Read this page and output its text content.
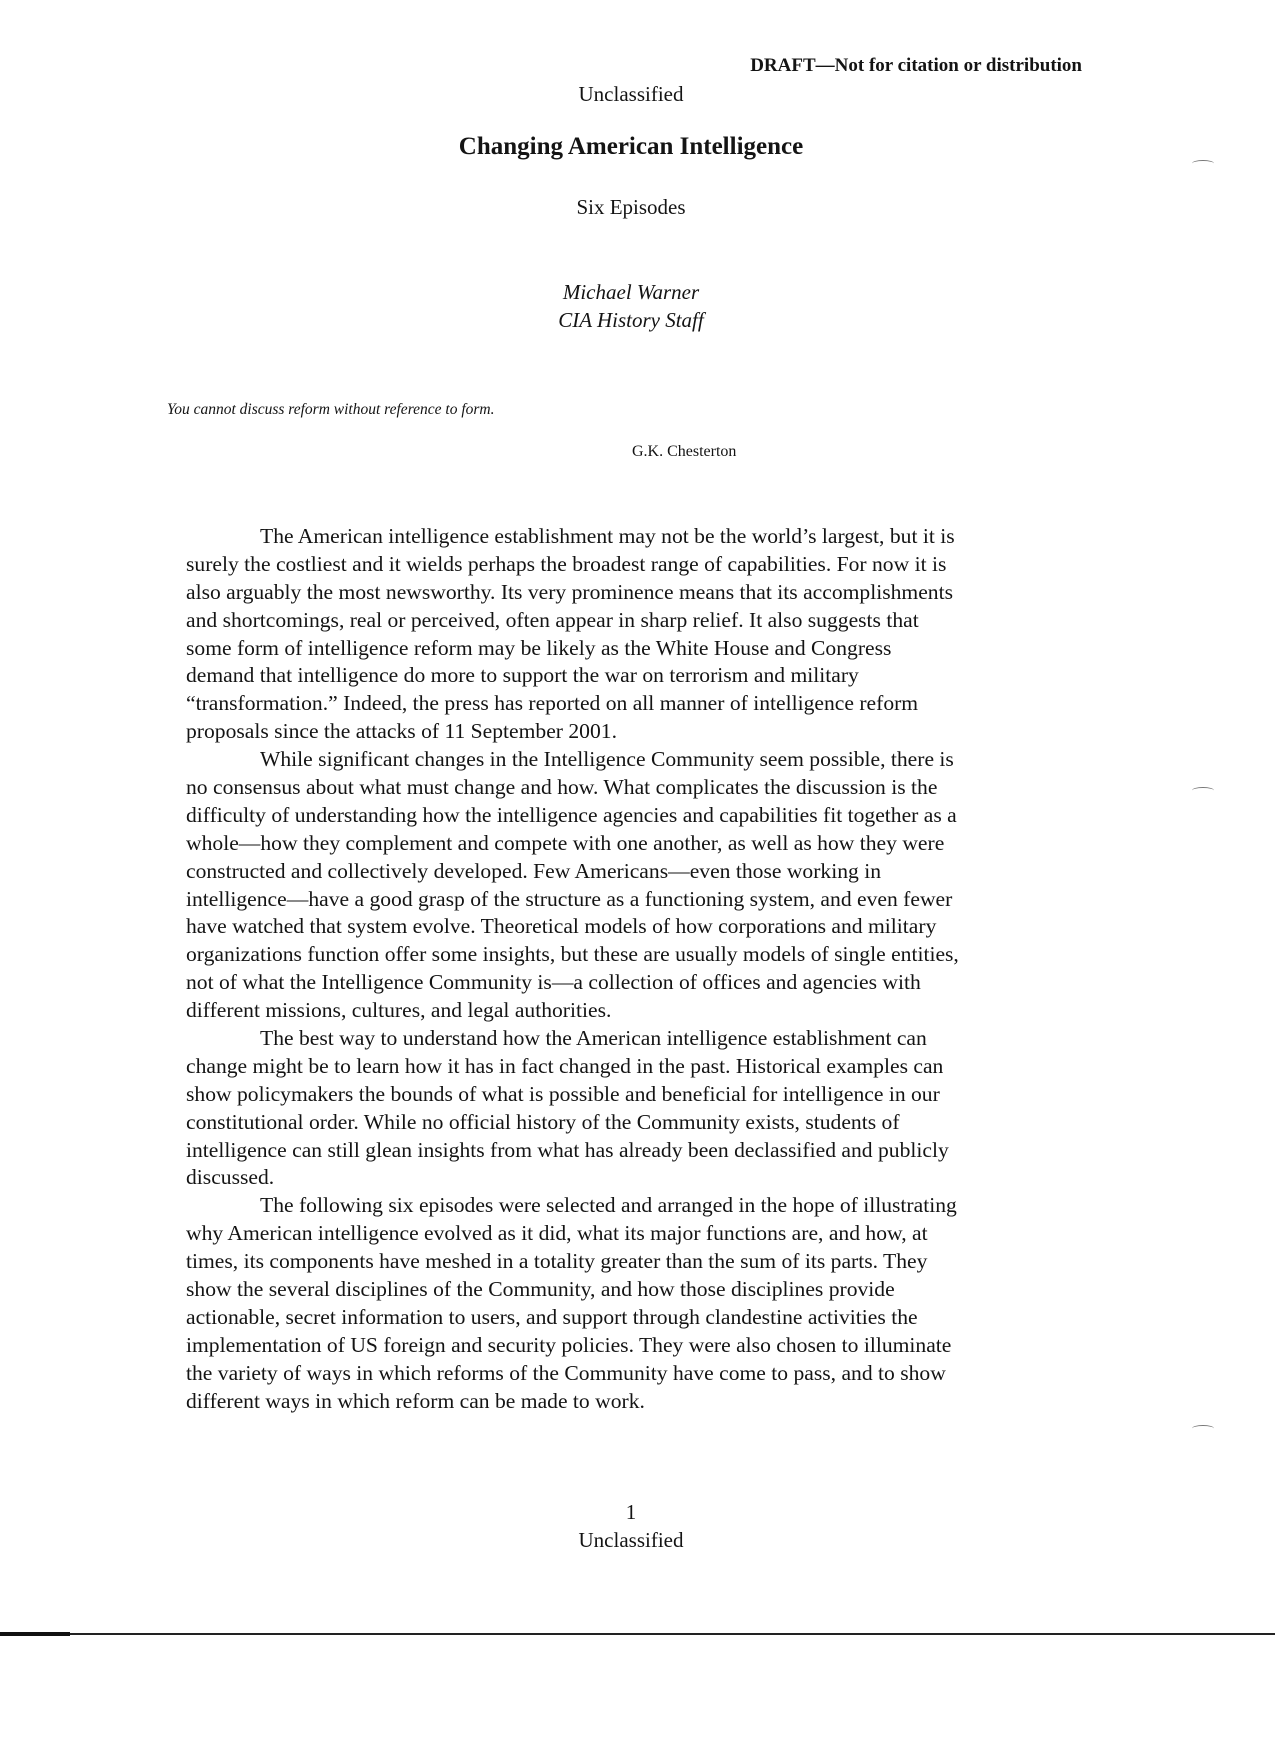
DRAFT—Not for citation or distribution
Unclassified
Changing American Intelligence
Six Episodes
Michael Warner
CIA History Staff
You cannot discuss reform without reference to form.
G.K. Chesterton
The American intelligence establishment may not be the world’s largest, but it is
surely the costliest and it wields perhaps the broadest range of capabilities. For now it is
also arguably the most newsworthy. Its very prominence means that its accomplishments
and shortcomings, real or perceived, often appear in sharp relief. It also suggests that
some form of intelligence reform may be likely as the White House and Congress
demand that intelligence do more to support the war on terrorism and military
“transformation.” Indeed, the press has reported on all manner of intelligence reform
proposals since the attacks of 11 September 2001.
While significant changes in the Intelligence Community seem possible, there is
no consensus about what must change and how. What complicates the discussion is the
difficulty of understanding how the intelligence agencies and capabilities fit together as a
whole—how they complement and compete with one another, as well as how they were
constructed and collectively developed. Few Americans—even those working in
intelligence—have a good grasp of the structure as a functioning system, and even fewer
have watched that system evolve. Theoretical models of how corporations and military
organizations function offer some insights, but these are usually models of single entities,
not of what the Intelligence Community is—a collection of offices and agencies with
different missions, cultures, and legal authorities.
The best way to understand how the American intelligence establishment can
change might be to learn how it has in fact changed in the past. Historical examples can
show policymakers the bounds of what is possible and beneficial for intelligence in our
constitutional order. While no official history of the Community exists, students of
intelligence can still glean insights from what has already been declassified and publicly
discussed.
The following six episodes were selected and arranged in the hope of illustrating
why American intelligence evolved as it did, what its major functions are, and how, at
times, its components have meshed in a totality greater than the sum of its parts. They
show the several disciplines of the Community, and how those disciplines provide
actionable, secret information to users, and support through clandestine activities the
implementation of US foreign and security policies. They were also chosen to illuminate
the variety of ways in which reforms of the Community have come to pass, and to show
different ways in which reform can be made to work.
1
Unclassified
